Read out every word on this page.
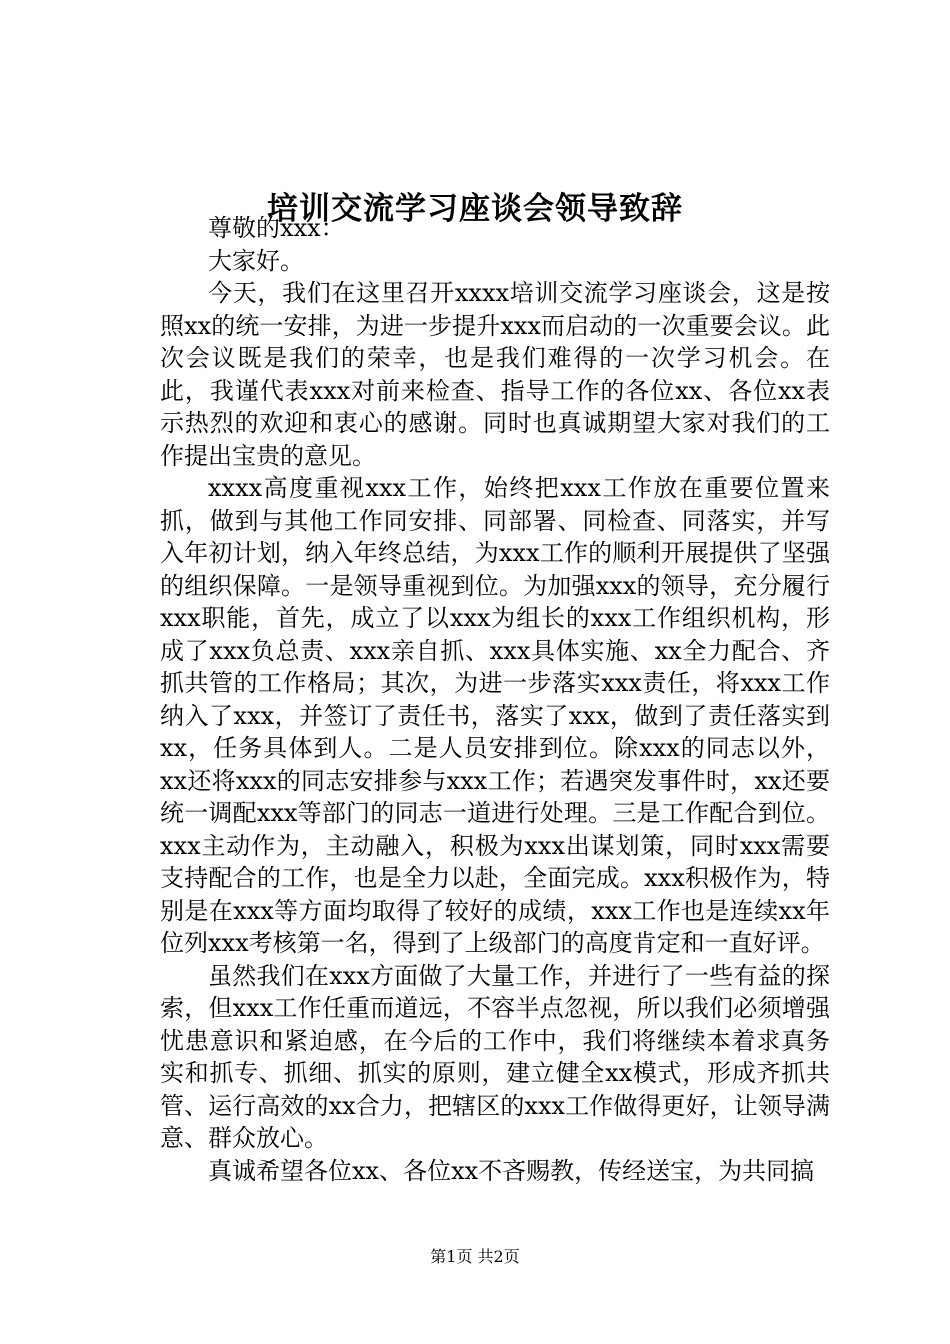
培训交流学习座谈会领导致辞

尊敬的xxx：

大家好。

今天，我们在这里召开xxxx培训交流学习座谈会，这是按照xx的统一安排，为进一步提升xxx而启动的一次重要会议。此次会议既是我们的荣幸，也是我们难得的一次学习机会。在此，我谨代表xxx对前来检查、指导工作的各位xx、各位xx表示热烈的欢迎和衷心的感谢。同时也真诚期望大家对我们的工作提出宝贵的意见。

xxxx高度重视xxx工作，始终把xxx工作放在重要位置来抓，做到与其他工作同安排、同部署、同检查、同落实，并写入年初计划，纳入年终总结，为xxx工作的顺利开展提供了坚强的组织保障。一是领导重视到位。为加强xxx的领导，充分履行xxx职能，首先，成立了以xxx为组长的xxx工作组织机构，形成了xxx负总责、xxx亲自抓、xxx具体实施、xx全力配合、齐抓共管的工作格局；其次，为进一步落实xxx责任，将xxx工作纳入了xxx，并签订了责任书，落实了xxx，做到了责任落实到xx，任务具体到人。二是人员安排到位。除xxx的同志以外，xx还将xxx的同志安排参与xxx工作；若遇突发事件时，xx还要统一调配xxx等部门的同志一道进行处理。三是工作配合到位。xxx主动作为，主动融入，积极为xxx出谋划策，同时xxx需要支持配合的工作，也是全力以赴，全面完成。xxx积极作为，特别是在xxx等方面均取得了较好的成绩，xxx工作也是连续xx年位列xxx考核第一名，得到了上级部门的高度肯定和一直好评。

虽然我们在xxx方面做了大量工作，并进行了一些有益的探索，但xxx工作任重而道远，不容半点忽视，所以我们必须增强忧患意识和紧迫感，在今后的工作中，我们将继续本着求真务实和抓专、抓细、抓实的原则，建立健全xx模式，形成齐抓共管、运行高效的xx合力，把辖区的xxx工作做得更好，让领导满意、群众放心。

真诚希望各位xx、各位xx不吝赐教，传经送宝，为共同搞

第1页 共2页
